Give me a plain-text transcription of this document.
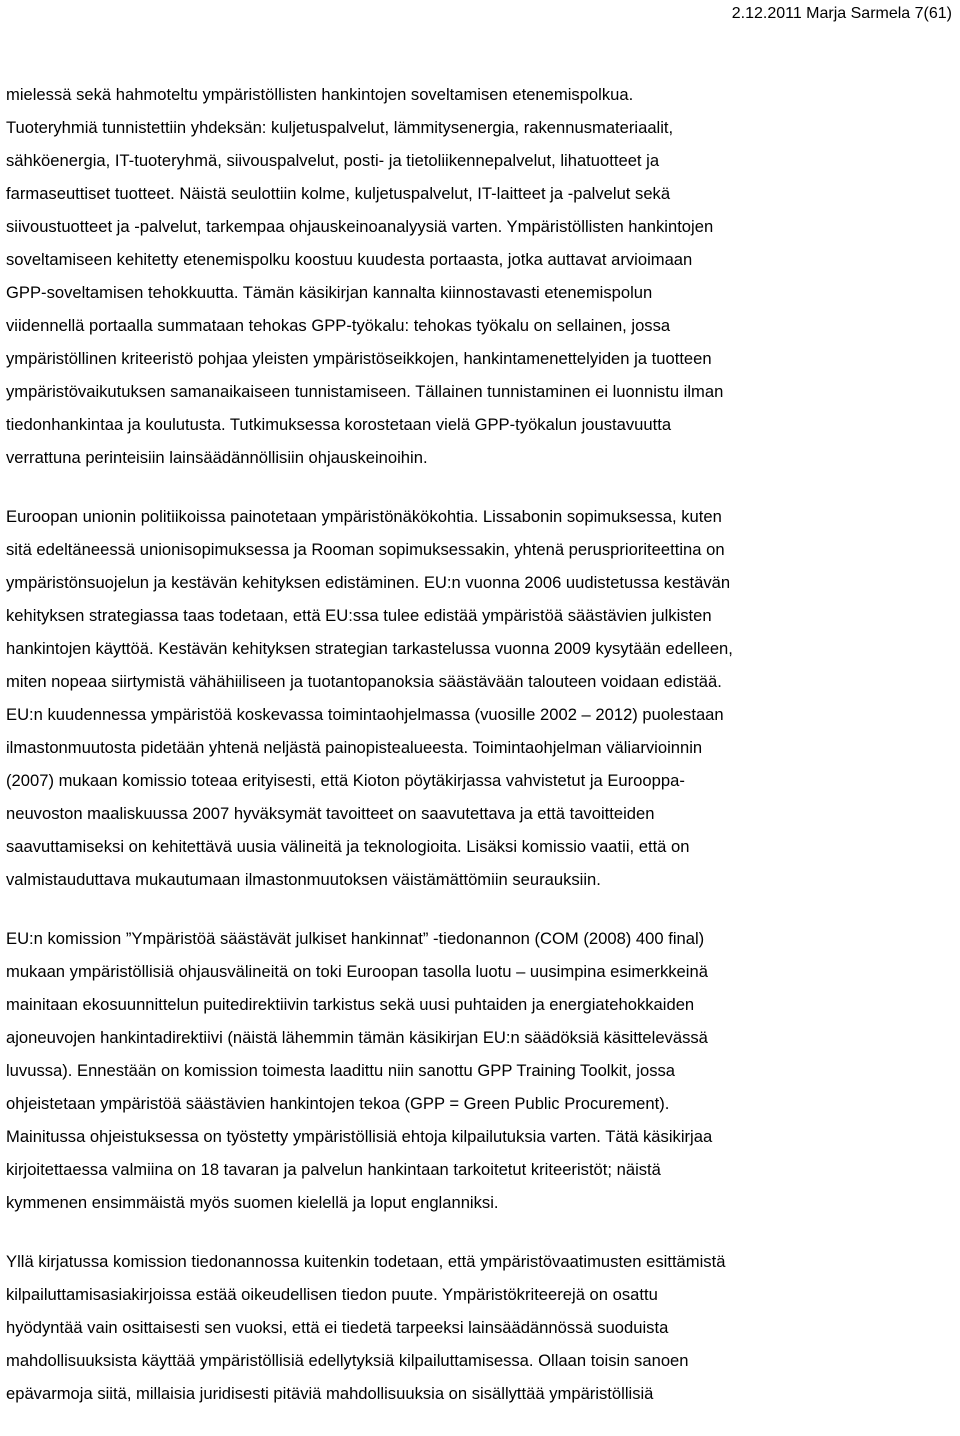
2.12.2011 Marja Sarmela 7(61)
mielessä sekä hahmoteltu ympäristöllisten hankintojen soveltamisen etenemispolkua.
Tuoteryhmiä tunnistettiin yhdeksän: kuljetuspalvelut, lämmitysenergia, rakennusmateriaalit,
sähköenergia, IT-tuoteryhmä, siivouspalvelut, posti- ja tietoliikennepalvelut, lihatuotteet ja
farmaseuttiset tuotteet. Näistä seulottiin kolme, kuljetuspalvelut, IT-laitteet ja -palvelut sekä
siivoustuotteet ja -palvelut, tarkempaa ohjauskeinoanalyysiä varten. Ympäristöllisten hankintojen
soveltamiseen kehitetty etenemispolku koostuu kuudesta portaasta, jotka auttavat arvioimaan
GPP-soveltamisen tehokkuutta. Tämän käsikirjan kannalta kiinnostavasti etenemispolun
viidennellä portaalla summataan tehokas GPP-työkalu: tehokas työkalu on sellainen, jossa
ympäristöllinen kriteeristö pohjaa yleisten ympäristöseikkojen, hankintamenettelyiden ja tuotteen
ympäristövaikutuksen samanaikaiseen tunnistamiseen. Tällainen tunnistaminen ei luonnistu ilman
tiedonhankintaa ja koulutusta. Tutkimuksessa korostetaan vielä GPP-työkalun joustavuutta
verrattuna perinteisiin lainsäädännöllisiin ohjauskeinoihin.
Euroopan unionin politiikoissa painotetaan ympäristönäkökohtia. Lissabonin sopimuksessa, kuten
sitä edeltäneessä unionisopimuksessa ja Rooman sopimuksessakin, yhtenä perusprioriteettina on
ympäristönsuojelun ja kestävän kehityksen edistäminen. EU:n vuonna 2006 uudistetussa kestävän
kehityksen strategiassa taas todetaan, että EU:ssa tulee edistää ympäristöä säästävien julkisten
hankintojen käyttöä. Kestävän kehityksen strategian tarkastelussa vuonna 2009 kysytään edelleen,
miten nopeaa siirtymistä vähähiiliseen ja tuotantopanoksia säästävään talouteen voidaan edistää.
EU:n kuudennessa ympäristöä koskevassa toimintaohjelmassa (vuosille 2002 – 2012) puolestaan
ilmastonmuutosta pidetään yhtenä neljästä painopistealueesta. Toimintaohjelman väliarvioinnin
(2007) mukaan komissio toteaa erityisesti, että Kioton pöytäkirjassa vahvistetut ja Eurooppa-
neuvoston maaliskuussa 2007 hyväksymät tavoitteet on saavutettava ja että tavoitteiden
saavuttamiseksi on kehitettävä uusia välineitä ja teknologioita. Lisäksi komissio vaatii, että on
valmistauduttava mukautumaan ilmastonmuutoksen väistämättömiin seurauksiin.
EU:n komission ”Ympäristöä säästävät julkiset hankinnat” -tiedonannon (COM (2008) 400 final)
mukaan ympäristöllisiä ohjausvälineitä on toki Euroopan tasolla luotu – uusimpina esimerkkeinä
mainitaan ekosuunnittelun puitedirektiivin tarkistus sekä uusi puhtaiden ja energiatehokkaiden
ajoneuvojen hankintadirektiivi (näistä lähemmin tämän käsikirjan EU:n säädöksiä käsittelevässä
luvussa). Ennestään on komission toimesta laadittu niin sanottu GPP Training Toolkit, jossa
ohjeistetaan ympäristöä säästävien hankintojen tekoa (GPP = Green Public Procurement).
Mainitussa ohjeistuksessa on työstetty ympäristöllisiä ehtoja kilpailutuksia varten. Tätä käsikirjaa
kirjoitettaessa valmiina on 18 tavaran ja palvelun hankintaan tarkoitetut kriteeristöt; näistä
kymmenen ensimmäistä myös suomen kielellä ja loput englanniksi.
Yllä kirjatussa komission tiedonannossa kuitenkin todetaan, että ympäristövaatimusten esittämistä
kilpailuttamisasiakirjoissa estää oikeudellisen tiedon puute. Ympäristökriteerejä on osattu
hyödyntää vain osittaisesti sen vuoksi, että ei tiedetä tarpeeksi lainsäädännössä suoduista
mahdollisuuksista käyttää ympäristöllisiä edellytyksiä kilpailuttamisessa. Ollaan toisin sanoen
epävarmoja siitä, millaisia juridisesti pitäviä mahdollisuuksia on sisällyttää ympäristöllisiä
